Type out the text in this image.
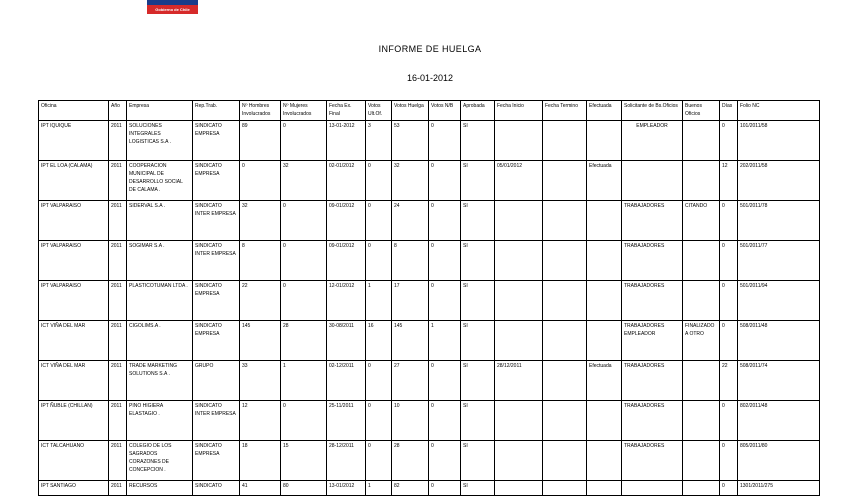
Gobierno de Chile
INFORME DE HUELGA
16-01-2012
Oficina	Año	Empresa	Rep.Trab.	Nº Hombres Involucrados	Nº Mujeres Involucrados	Fecha Ex. Final	Votos Ult.Of.	Votos Huelga	Votos N/B	Aprobada	Fecha Inicio	Fecha Termino	Efectuada	Solicitante de Bs.Oficios	Buenos Oficios	Días	Folio NC
IPT IQUIQUE	2011	SOLUCIONES INTEGRALES LOGISTICAS S.A .	SINDICATO EMPRESA	89	0	13-01-2012	3	53	0	SI				EMPLEADOR		0	101/2011/58
IPT EL LOA (CALAMA)	2011	COOPERACION MUNICIPAL DE DESARROLLO SOCIAL DE CALAMA .	SINDICATO EMPRESA	0	32	02-01/2012	0	32	0	SI	05/01/2012		Efectuada			12	202/2011/58
IPT VALPARAISO	2011	SIDERVAL S.A .	SINDICATO INTER EMPRESA	32	0	09-01/2012	0	24	0	SI				TRABAJADORES	CITANDO	0	501/2011/78
IPT VALPARAISO	2011	SOGIMAR S.A .	SINDICATO INTER EMPRESA	8	0	09-01/2012	0	8	0	SI				TRABAJADORES		0	501/2011/77
IPT VALPARAISO	2011	PLASTICOTUMAN LTDA .	SINDICATO EMPRESA	22	0	12-01/2012	1	17	0	SI				TRABAJADORES		0	501/2011/94
ICT VIÑA DEL MAR	2011	CIGOLIMS.A .	SINDICATO EMPRESA	145	28	30-08/2011	16	145	1	SI				TRABAJADORES EMPLEADOR	FINALIZADO A OTRO	0	508/2011/48
ICT VIÑA DEL MAR	2011	TRADE MARKETING SOLUTIONS S.A .	GRUPO	33	1	02-12/2011	0	27	0	SI	28/12/2011		Efectuada	TRABAJADORES		22	508/2011/74
IPT ÑUBLE (CHILLAN)	2011	PINO HIGIERA ELASTAGIO .	SINDICATO INTER EMPRESA	12	0	25-11/2011	0	10	0	SI				TRABAJADORES		0	802/2011/48
ICT TALCAHUANO	2011	COLEGIO DE LOS SAGRADOS CORAZONES DE CONCEPCION .	SINDICATO EMPRESA	18	15	28-12/2011	0	28	0	SI				TRABAJADORES		0	805/2011/80
IPT SANTIAGO	2011	RECURSOS	SINDICATO	41	80	13-01/2012	1	82	0	SI						0	1301/2011/275
